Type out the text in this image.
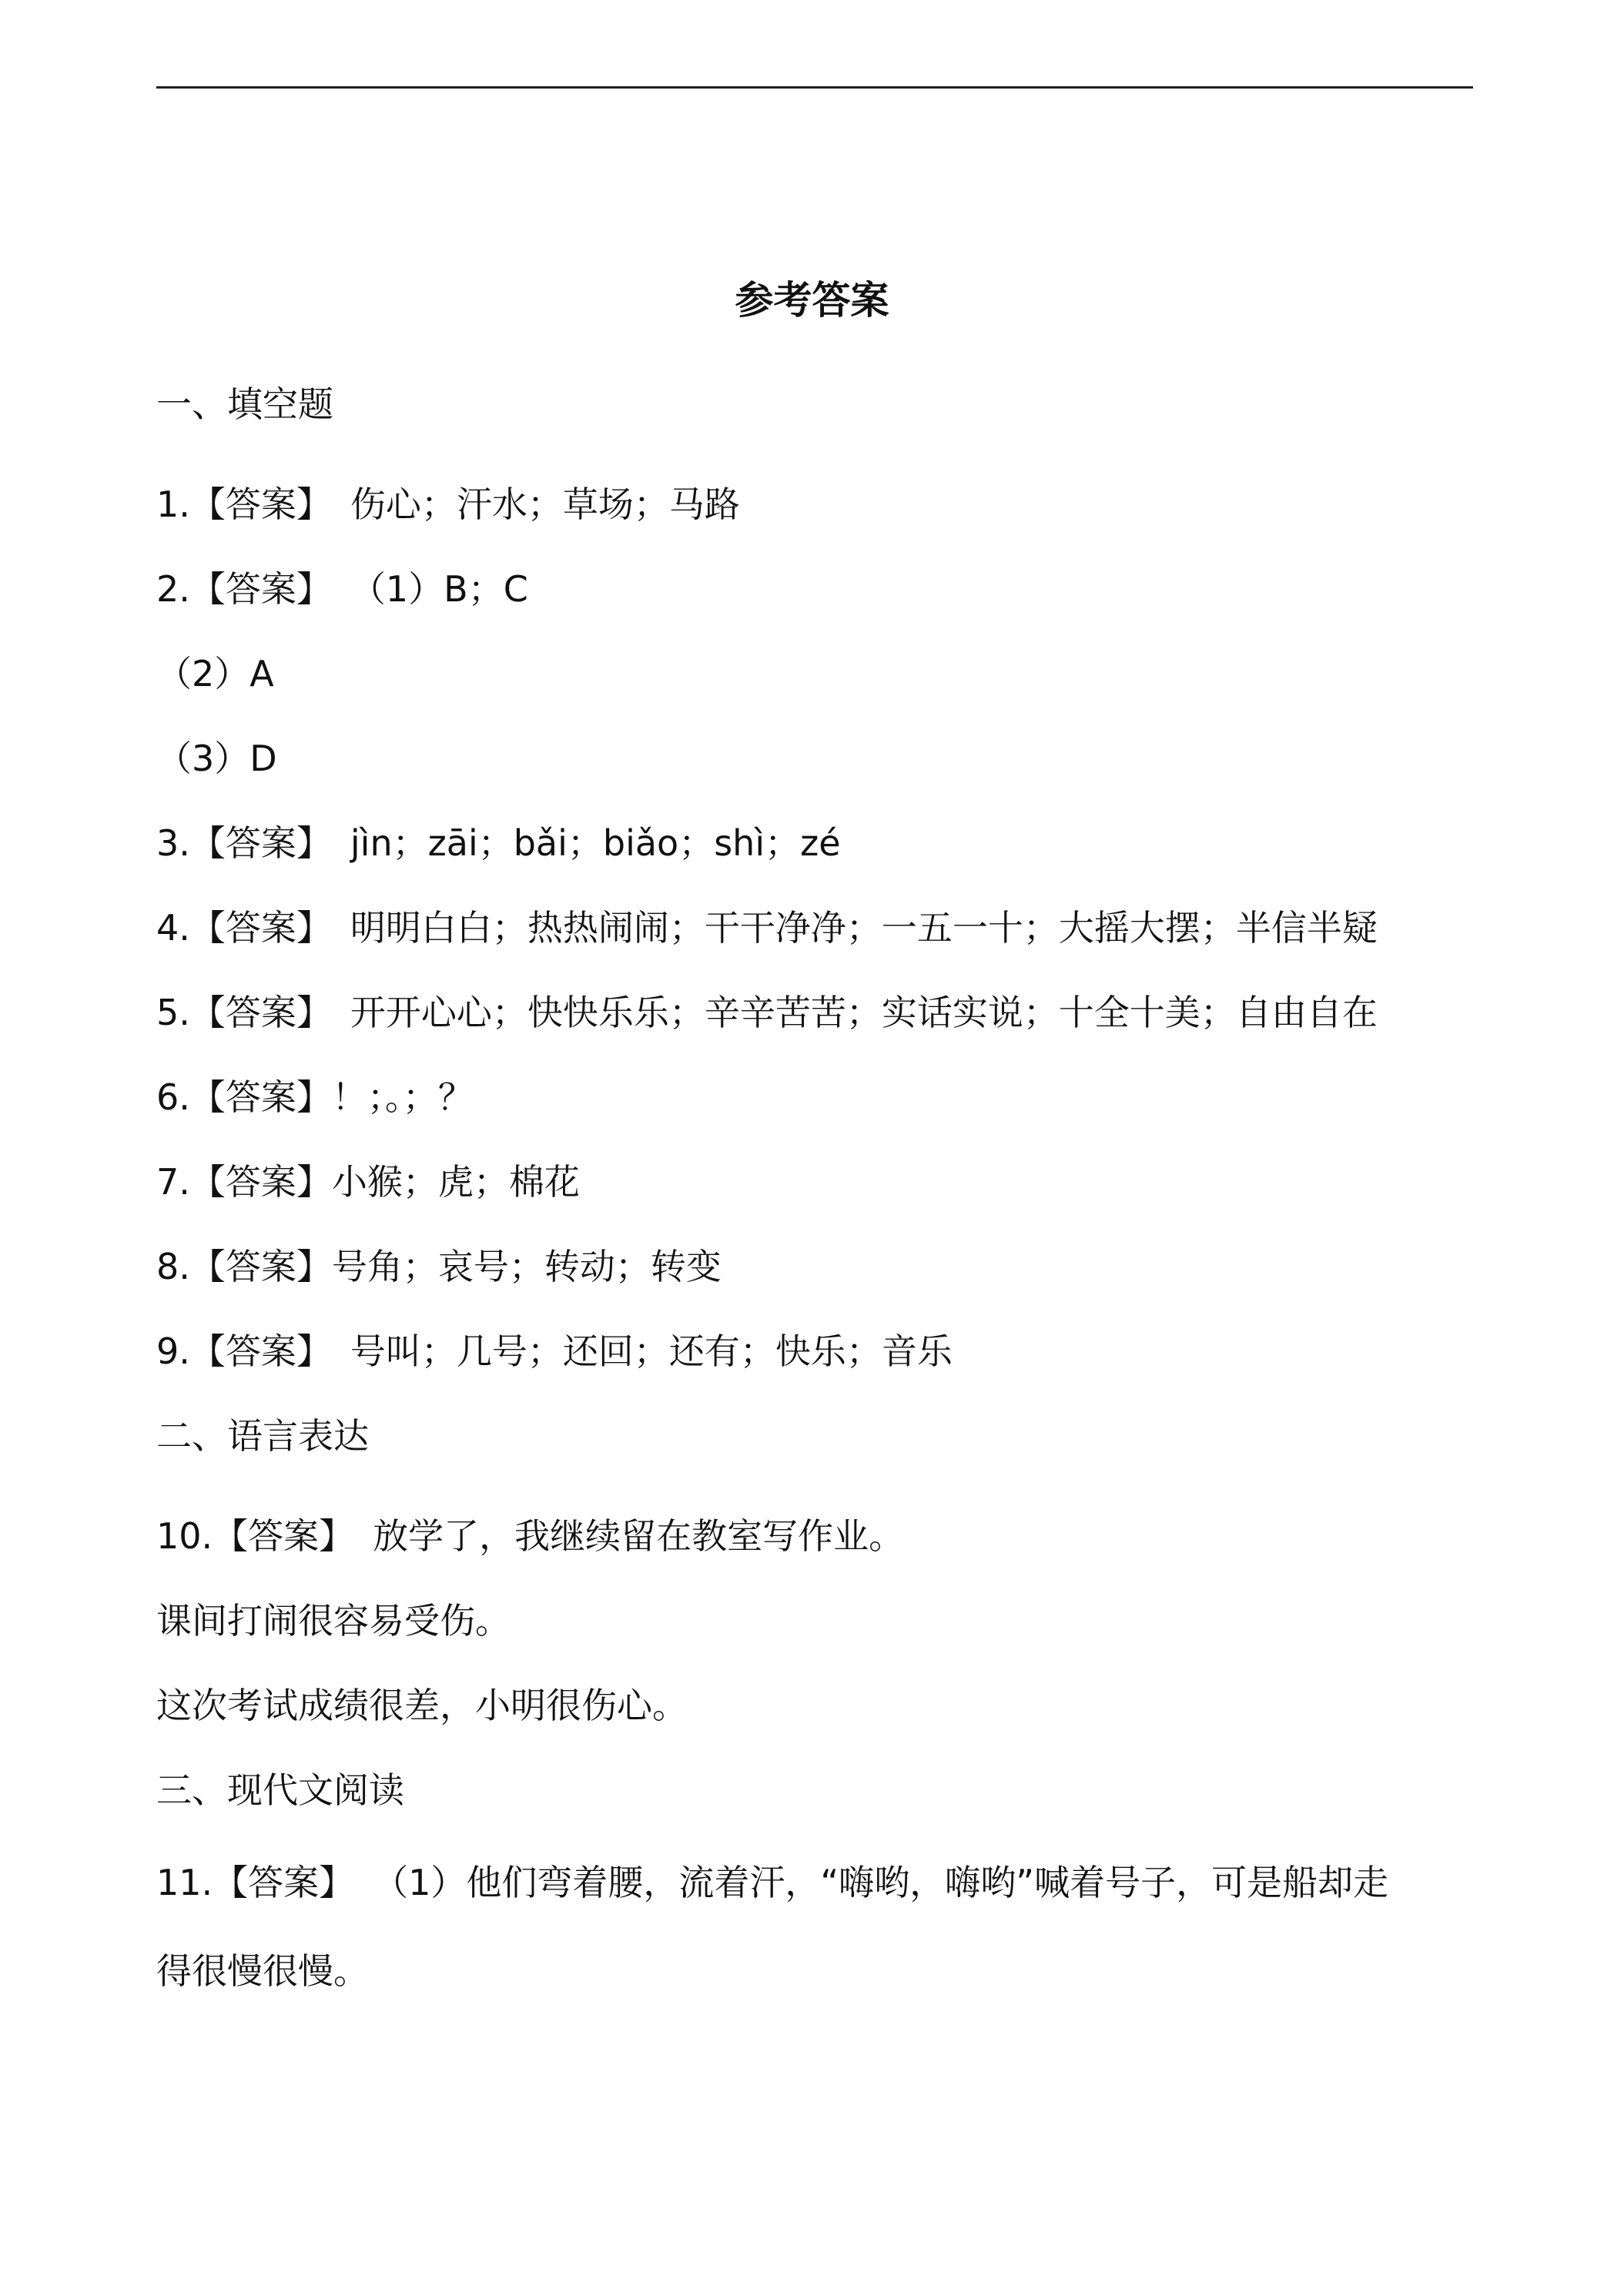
参考答案
一、填空题
1.【答案】 伤心；汗水；草场；马路
2.【答案】 （1）B；C
（2）A
（3）D
3.【答案】 jìn；zāi；bǎi；biǎo；shì；zé
4.【答案】 明明白白；热热闹闹；干干净净；一五一十；大摇大摆；半信半疑
5.【答案】 开开心心；快快乐乐；辛辛苦苦；实话实说；十全十美；自由自在
6.【答案】！；。；？
7.【答案】小猴；虎；棉花
8.【答案】号角；哀号；转动；转变
9.【答案】 号叫；几号；还回；还有；快乐；音乐
二、语言表达
10.【答案】 放学了，我继续留在教室写作业。
课间打闹很容易受伤。
这次考试成绩很差，小明很伤心。
三、现代文阅读
11.【答案】 （1）他们弯着腰，流着汗，“嗨哟，嗨哟”喊着号子，可是船却走
得很慢很慢。
